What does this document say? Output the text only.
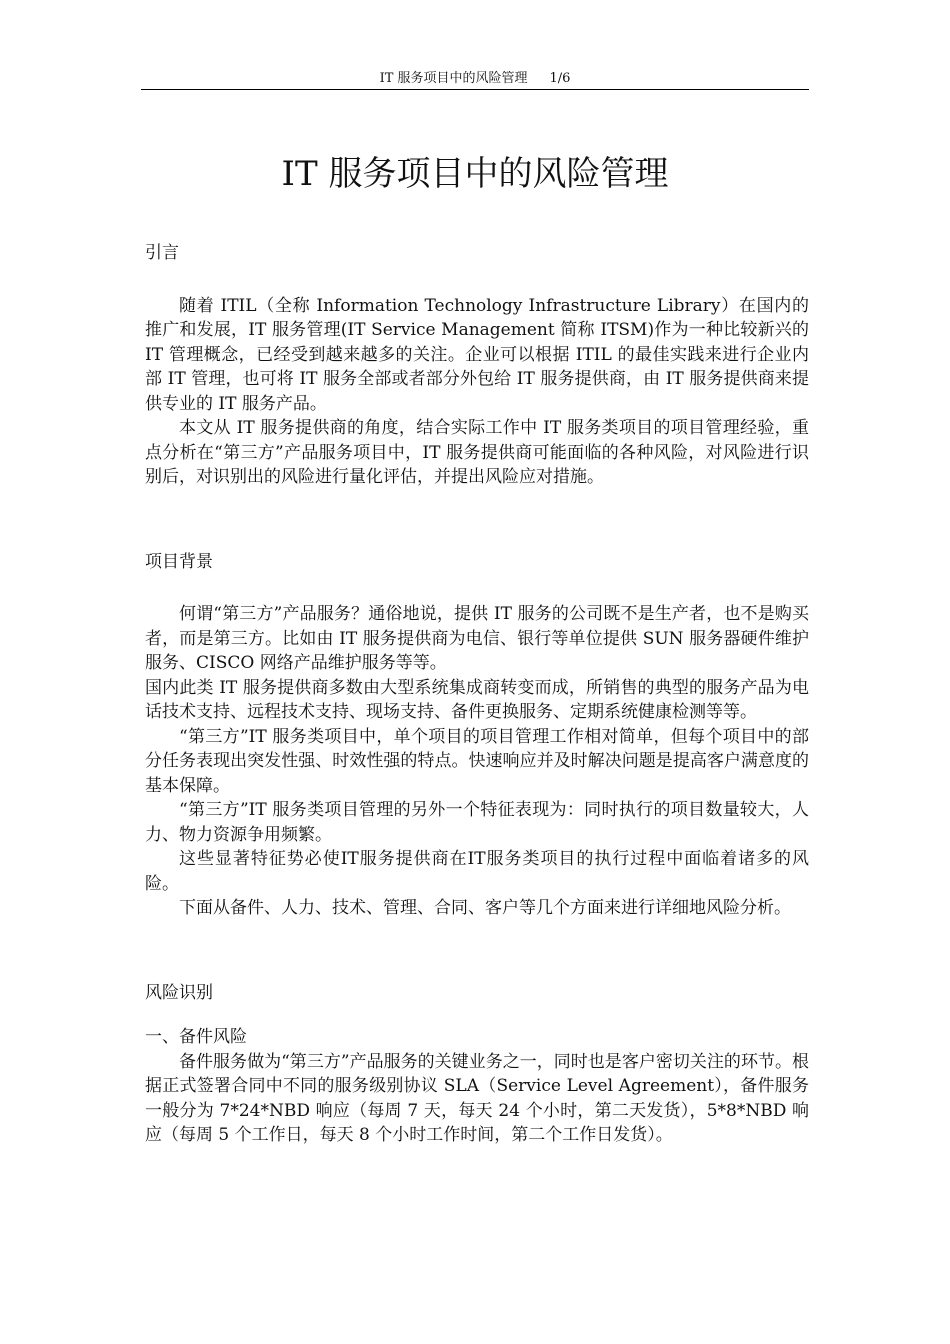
IT 服务项目中的风险管理 1/6
IT 服务项目中的风险管理

引言

随着 ITIL（全称 Information Technology Infrastructure Library）在国内的推广和发展，IT 服务管理(IT Service Management 简称 ITSM)作为一种比较新兴的 IT 管理概念，已经受到越来越多的关注。企业可以根据 ITIL 的最佳实践来进行企业内部 IT 管理，也可将 IT 服务全部或者部分外包给 IT 服务提供商，由 IT 服务提供商来提供专业的 IT 服务产品。

本文从 IT 服务提供商的角度，结合实际工作中 IT 服务类项目的项目管理经验，重点分析在“第三方”产品服务项目中，IT 服务提供商可能面临的各种风险，对风险进行识别后，对识别出的风险进行量化评估，并提出风险应对措施。

项目背景

何谓“第三方”产品服务？通俗地说，提供 IT 服务的公司既不是生产者，也不是购买者，而是第三方。比如由 IT 服务提供商为电信、银行等单位提供 SUN 服务器硬件维护服务、CISCO 网络产品维护服务等等。

国内此类 IT 服务提供商多数由大型系统集成商转变而成，所销售的典型的服务产品为电话技术支持、远程技术支持、现场支持、备件更换服务、定期系统健康检测等等。

“第三方”IT 服务类项目中，单个项目的项目管理工作相对简单，但每个项目中的部分任务表现出突发性强、时效性强的特点。快速响应并及时解决问题是提高客户满意度的基本保障。

“第三方”IT 服务类项目管理的另外一个特征表现为：同时执行的项目数量较大，人力、物力资源争用频繁。

这些显著特征势必使IT服务提供商在IT服务类项目的执行过程中面临着诸多的风险。

下面从备件、人力、技术、管理、合同、客户等几个方面来进行详细地风险分析。

风险识别

一、备件风险

备件服务做为“第三方”产品服务的关键业务之一，同时也是客户密切关注的环节。根据正式签署合同中不同的服务级别协议 SLA（Service Level Agreement），备件服务一般分为 7*24*NBD 响应（每周 7 天，每天 24 个小时，第二天发货），5*8*NBD 响应（每周 5 个工作日，每天 8 个小时工作时间，第二个工作日发货）。
